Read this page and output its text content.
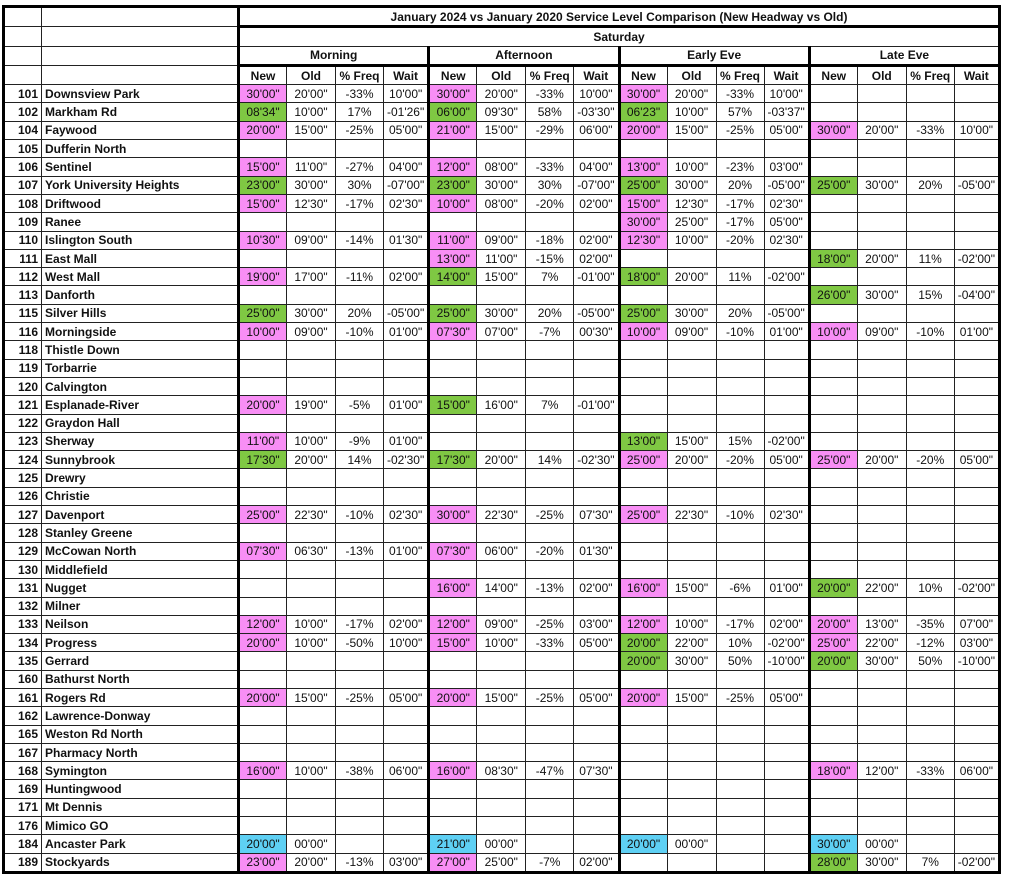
		January 2024 vs January 2020 Service Level Comparison (New Headway vs Old)															
		Saturday															
		Morning				Afternoon				Early Eve				Late Eve			
		New	Old	% Freq	Wait	New	Old	% Freq	Wait	New	Old	% Freq	Wait	New	Old	% Freq	Wait
101	Downsview Park	30'00"	20'00"	-33%	10'00"	30'00"	20'00"	-33%	10'00"	30'00"	20'00"	-33%	10'00"				
102	Markham Rd	08'34"	10'00"	17%	-01'26"	06'00"	09'30"	58%	-03'30"	06'23"	10'00"	57%	-03'37"				
104	Faywood	20'00"	15'00"	-25%	05'00"	21'00"	15'00"	-29%	06'00"	20'00"	15'00"	-25%	05'00"	30'00"	20'00"	-33%	10'00"
105	Dufferin North																
106	Sentinel	15'00"	11'00"	-27%	04'00"	12'00"	08'00"	-33%	04'00"	13'00"	10'00"	-23%	03'00"				
107	York University Heights	23'00"	30'00"	30%	-07'00"	23'00"	30'00"	30%	-07'00"	25'00"	30'00"	20%	-05'00"	25'00"	30'00"	20%	-05'00"
108	Driftwood	15'00"	12'30"	-17%	02'30"	10'00"	08'00"	-20%	02'00"	15'00"	12'30"	-17%	02'30"				
109	Ranee									30'00"	25'00"	-17%	05'00"				
110	Islington South	10'30"	09'00"	-14%	01'30"	11'00"	09'00"	-18%	02'00"	12'30"	10'00"	-20%	02'30"				
111	East Mall					13'00"	11'00"	-15%	02'00"					18'00"	20'00"	11%	-02'00"
112	West Mall	19'00"	17'00"	-11%	02'00"	14'00"	15'00"	7%	-01'00"	18'00"	20'00"	11%	-02'00"				
113	Danforth													26'00"	30'00"	15%	-04'00"
115	Silver Hills	25'00"	30'00"	20%	-05'00"	25'00"	30'00"	20%	-05'00"	25'00"	30'00"	20%	-05'00"				
116	Morningside	10'00"	09'00"	-10%	01'00"	07'30"	07'00"	-7%	00'30"	10'00"	09'00"	-10%	01'00"	10'00"	09'00"	-10%	01'00"
118	Thistle Down																
119	Torbarrie																
120	Calvington																
121	Esplanade-River	20'00"	19'00"	-5%	01'00"	15'00"	16'00"	7%	-01'00"								
122	Graydon Hall																
123	Sherway	11'00"	10'00"	-9%	01'00"					13'00"	15'00"	15%	-02'00"				
124	Sunnybrook	17'30"	20'00"	14%	-02'30"	17'30"	20'00"	14%	-02'30"	25'00"	20'00"	-20%	05'00"	25'00"	20'00"	-20%	05'00"
125	Drewry																
126	Christie																
127	Davenport	25'00"	22'30"	-10%	02'30"	30'00"	22'30"	-25%	07'30"	25'00"	22'30"	-10%	02'30"				
128	Stanley Greene																
129	McCowan North	07'30"	06'30"	-13%	01'00"	07'30"	06'00"	-20%	01'30"								
130	Middlefield																
131	Nugget					16'00"	14'00"	-13%	02'00"	16'00"	15'00"	-6%	01'00"	20'00"	22'00"	10%	-02'00"
132	Milner																
133	Neilson	12'00"	10'00"	-17%	02'00"	12'00"	09'00"	-25%	03'00"	12'00"	10'00"	-17%	02'00"	20'00"	13'00"	-35%	07'00"
134	Progress	20'00"	10'00"	-50%	10'00"	15'00"	10'00"	-33%	05'00"	20'00"	22'00"	10%	-02'00"	25'00"	22'00"	-12%	03'00"
135	Gerrard									20'00"	30'00"	50%	-10'00"	20'00"	30'00"	50%	-10'00"
160	Bathurst North																
161	Rogers Rd	20'00"	15'00"	-25%	05'00"	20'00"	15'00"	-25%	05'00"	20'00"	15'00"	-25%	05'00"				
162	Lawrence-Donway																
165	Weston Rd North																
167	Pharmacy North																
168	Symington	16'00"	10'00"	-38%	06'00"	16'00"	08'30"	-47%	07'30"					18'00"	12'00"	-33%	06'00"
169	Huntingwood																
171	Mt Dennis																
176	Mimico GO																
184	Ancaster Park	20'00"	00'00"			21'00"	00'00"			20'00"	00'00"			30'00"	00'00"		
189	Stockyards	23'00"	20'00"	-13%	03'00"	27'00"	25'00"	-7%	02'00"					28'00"	30'00"	7%	-02'00"
